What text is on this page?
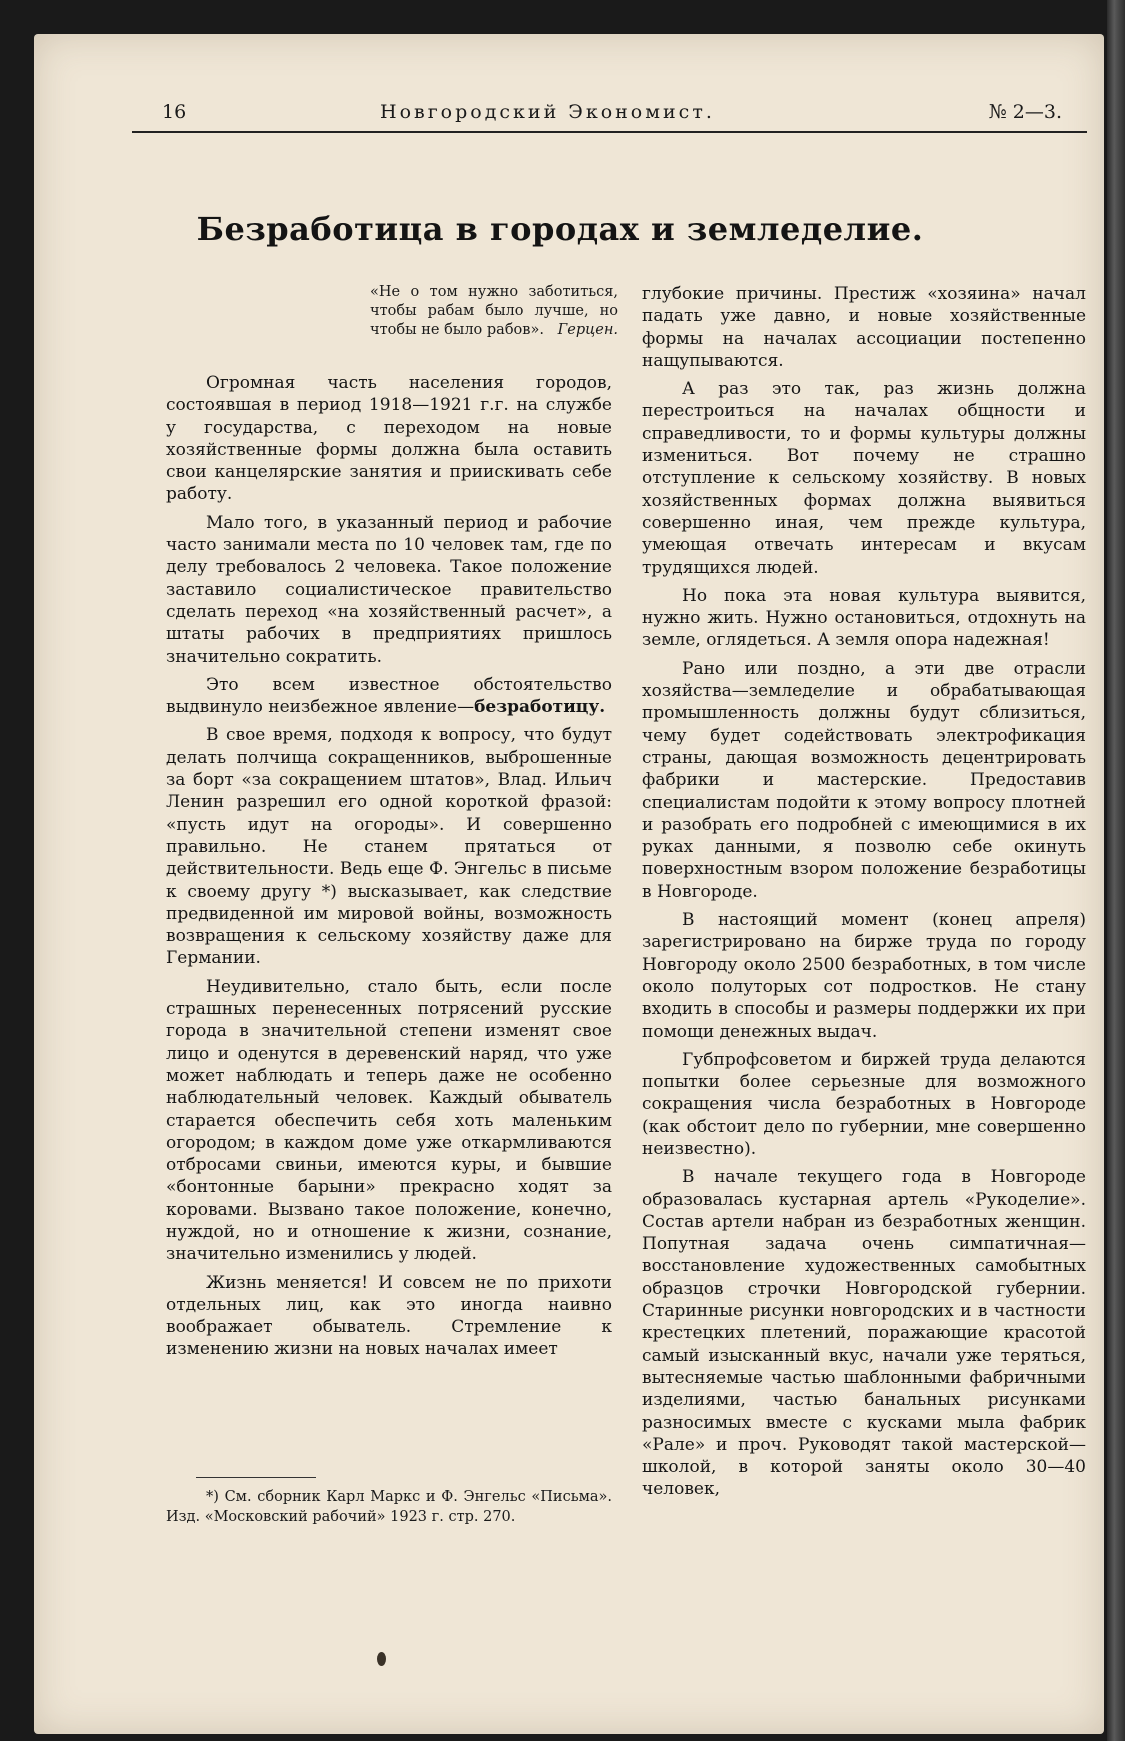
16	Новгородский Экономист.	№ 2—3.
Безработица в городах и земледелие.
«Не о том нужно заботиться, чтобы рабам было лучше, но чтобы не было рабов». Герцен.

Огромная часть населения городов, состоявшая в период 1918—1921 г.г. на службе у государства, с переходом на новые хозяйственные формы должна была оставить свои канцелярские занятия и приискивать себе работу.

Мало того, в указанный период и рабочие часто занимали места по 10 человек там, где по делу требовалось 2 человека. Такое положение заставило социалистическое правительство сделать переход «на хозяйственный расчет», а штаты рабочих в предприятиях пришлось значительно сократить.

Это всем известное обстоятельство выдвинуло неизбежное явление—безработицу.

В свое время, подходя к вопросу, что будут делать полчища сокращенников, выброшенные за борт «за сокращением штатов», Влад. Ильич Ленин разрешил его одной короткой фразой: «пусть идут на огороды». И совершенно правильно. Не станем прятаться от действительности. Ведь еще Ф. Энгельс в письме к своему другу *) высказывает, как следствие предвиденной им мировой войны, возможность возвращения к сельскому хозяйству даже для Германии.

Неудивительно, стало быть, если после страшных перенесенных потрясений русские города в значительной степени изменят свое лицо и оденутся в деревенский наряд, что уже может наблюдать и теперь даже не особенно наблюдательный человек. Каждый обыватель старается обеспечить себя хоть маленьким огородом; в каждом доме уже откармливаются отбросами свиньи, имеются куры, и бывшие «бонтонные барыни» прекрасно ходят за коровами. Вызвано такое положение, конечно, нуждой, но и отношение к жизни, сознание, значительно изменились у людей.

Жизнь меняется! И совсем не по прихоти отдельных лиц, как это иногда наивно воображает обыватель. Стремление к изменению жизни на новых началах имеет

глубокие причины. Престиж «хозяина» начал падать уже давно, и новые хозяйственные формы на началах ассоциации постепенно нащупываются.

А раз это так, раз жизнь должна перестроиться на началах общности и справедливости, то и формы культуры должны измениться. Вот почему не страшно отступление к сельскому хозяйству. В новых хозяйственных формах должна выявиться совершенно иная, чем прежде культура, умеющая отвечать интересам и вкусам трудящихся людей.

Но пока эта новая культура выявится, нужно жить. Нужно остановиться, отдохнуть на земле, оглядеться. А земля опора надежная!

Рано или поздно, а эти две отрасли хозяйства—земледелие и обрабатывающая промышленность должны будут сблизиться, чему будет содействовать электрофикация страны, дающая возможность децентрировать фабрики и мастерские. Предоставив специалистам подойти к этому вопросу плотней и разобрать его подробней с имеющимися в их руках данными, я позволю себе окинуть поверхностным взором положение безработицы в Новгороде.

В настоящий момент (конец апреля) зарегистрировано на бирже труда по городу Новгороду около 2500 безработных, в том числе около полуторых сот подростков. Не стану входить в способы и размеры поддержки их при помощи денежных выдач.

Губпрофсоветом и биржей труда делаются попытки более серьезные для возможного сокращения числа безработных в Новгороде (как обстоит дело по губернии, мне совершенно неизвестно).

В начале текущего года в Новгороде образовалась кустарная артель «Рукоделие». Состав артели набран из безработных женщин. Попутная задача очень симпатичная—восстановление художественных самобытных образцов строчки Новгородской губернии. Старинные рисунки новгородских и в частности крестецких плетений, поражающие красотой самый изысканный вкус, начали уже теряться, вытесняемые частью шаблонными фабричными изделиями, частью банальных рисунками разносимых вместе с кусками мыла фабрик «Рале» и проч. Руководят такой мастерской—школой, в которой заняты около 30—40 человек,

*) См. сборник Карл Маркс и Ф. Энгельс «Письма». Изд. «Московский рабочий» 1923 г. стр. 270.
